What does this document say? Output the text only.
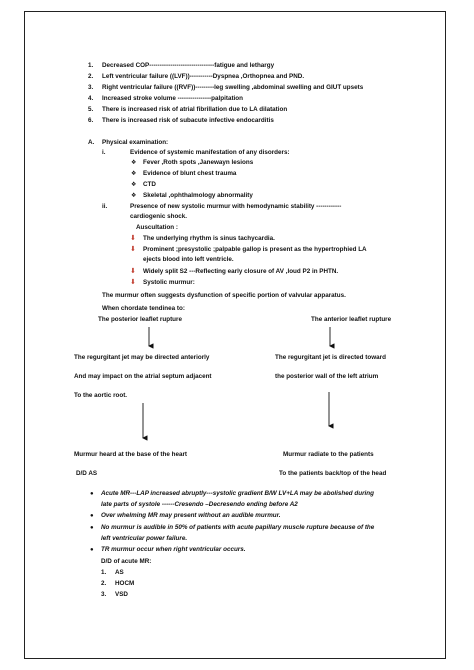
1. Decreased COP-------------------------------fatigue and lethargy
2. Left ventricular failure ((LVF))-----------Dyspnea ,Orthopnea and PND.
3. Right ventricular failure ((RVF))---------leg swelling ,abdominal swelling and GIUT upsets
4. Increased stroke volume ----------------palpitation
5. There is increased risk of atrial fibrillation due to LA dilatation
6. There is increased risk of subacute infective endocarditis
A. Physical examination:
i.	Evidence of systemic manifestation of any disorders:
❖ Fever ,Roth spots ,Janewayn lesions
❖ Evidence of blunt chest trauma
❖ CTD
❖ Skeletal ,ophthalmology abnormality
ii.	Presence of new systolic murmur with hemodynamic stability ------------
cardiogenic shock.
Auscultation :
⬇ The underlying rhythm is sinus tachycardia.
⬇ Prominent ;presystolic ;palpable gallop is present as the hypertrophied LA
ejects blood into left ventricle.
⬇ Widely split S2 ---Reflecting early closure of AV ,loud P2 in PHTN.
⬇ Systolic murmur:
The murmur often suggests dysfunction of specific portion of valvular apparatus.
When chordate tendinea to:
The posterior leaflet rupture	The anterior leaflet rupture
The regurgitant jet may be directed anteriorly
And may impact on the atrial septum adjacent
To the aortic root.
The regurgitant jet is directed toward
the posterior wall of the left atrium
Murmur heard at the base of the heart	Murmur radiate to the patients
D/D AS	To the patients back/top of the head
● Acute MR---LAP increased abruptly---systolic gradient B/W LV+LA may be abolished during
late parts of systole ------Cresendo –Decresendo ending before A2
● Over whelming MR may present without an audible murmur.
● No murmur is audible in 50% of patients with acute papillary muscle rupture because of the
left ventricular power failure.
● TR murmur occur when right ventricular occurs.
D/D of acute MR:
1. AS
2. HOCM
3. VSD
